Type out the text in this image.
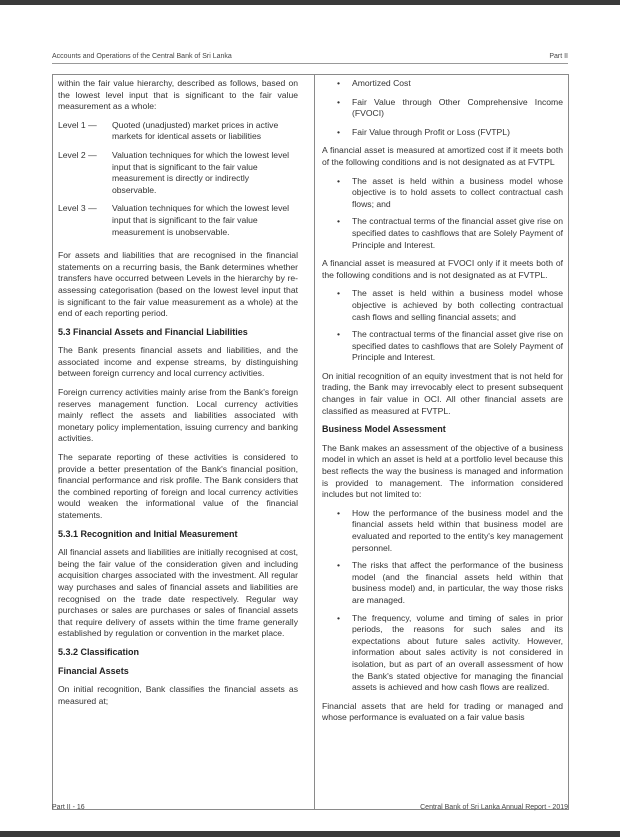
Accounts and Operations of the Central Bank of Sri Lanka	Part II

within the fair value hierarchy, described as follows, based on the lowest level input that is significant to the fair value measurement as a whole:

Level 1 —	Quoted (unadjusted) market prices in active markets for identical assets or liabilities
Level 2 —	Valuation techniques for which the lowest level input that is significant to the fair value measurement is directly or indirectly observable.
Level 3 —	Valuation techniques for which the lowest level input that is significant to the fair value measurement is unobservable.

For assets and liabilities that are recognised in the financial statements on a recurring basis, the Bank determines whether transfers have occurred between Levels in the hierarchy by re-assessing categorisation (based on the lowest level input that is significant to the fair value measurement as a whole) at the end of each reporting period.

5.3 Financial Assets and Financial Liabilities

The Bank presents financial assets and liabilities, and the associated income and expense streams, by distinguishing between foreign currency and local currency activities.

Foreign currency activities mainly arise from the Bank's foreign reserves management function. Local currency activities mainly reflect the assets and liabilities associated with monetary policy implementation, issuing currency and banking activities.

The separate reporting of these activities is considered to provide a better presentation of the Bank's financial position, financial performance and risk profile. The Bank considers that the combined reporting of foreign and local currency activities would weaken the informational value of the financial statements.

5.3.1 Recognition and Initial Measurement

All financial assets and liabilities are initially recognised at cost, being the fair value of the consideration given and including acquisition charges associated with the investment. All regular way purchases and sales of financial assets and liabilities are recognised on the trade date respectively. Regular way purchases or sales are purchases or sales of financial assets that require delivery of assets within the time frame generally established by regulation or convention in the market place.

5.3.2 Classification
Financial Assets

On initial recognition, Bank classifies the financial assets as measured at;

• Amortized Cost
• Fair Value through Other Comprehensive Income (FVOCI)
• Fair Value through Profit or Loss (FVTPL)

A financial asset is measured at amortized cost if it meets both of the following conditions and is not designated as at FVTPL

• The asset is held within a business model whose objective is to hold assets to collect contractual cash flows; and
• The contractual terms of the financial asset give rise on specified dates to cashflows that are Solely Payment of Principle and Interest.

A financial asset is measured at FVOCI only if it meets both of the following conditions and is not designated as at FVTPL.

• The asset is held within a business model whose objective is achieved by both collecting contractual cash flows and selling financial assets; and
• The contractual terms of the financial asset give rise on specified dates to cashflows that are Solely Payment of Principle and Interest.

On initial recognition of an equity investment that is not held for trading, the Bank may irrevocably elect to present subsequent changes in fair value in OCI. All other financial assets are classified as measured at FVTPL.

Business Model Assessment

The Bank makes an assessment of the objective of a business model in which an asset is held at a portfolio level because this best reflects the way the business is managed and information is provided to management. The information considered includes but not limited to:

• How the performance of the business model and the financial assets held within that business model are evaluated and reported to the entity's key management personnel.
• The risks that affect the performance of the business model (and the financial assets held within that business model) and, in particular, the way those risks are managed.
• The frequency, volume and timing of sales in prior periods, the reasons for such sales and its expectations about future sales activity. However, information about sales activity is not considered in isolation, but as part of an overall assessment of how the Bank's stated objective for managing the financial assets is achieved and how cash flows are realized.

Financial assets that are held for trading or managed and whose performance is evaluated on a fair value basis

Part II - 16	Central Bank of Sri Lanka Annual Report - 2019
